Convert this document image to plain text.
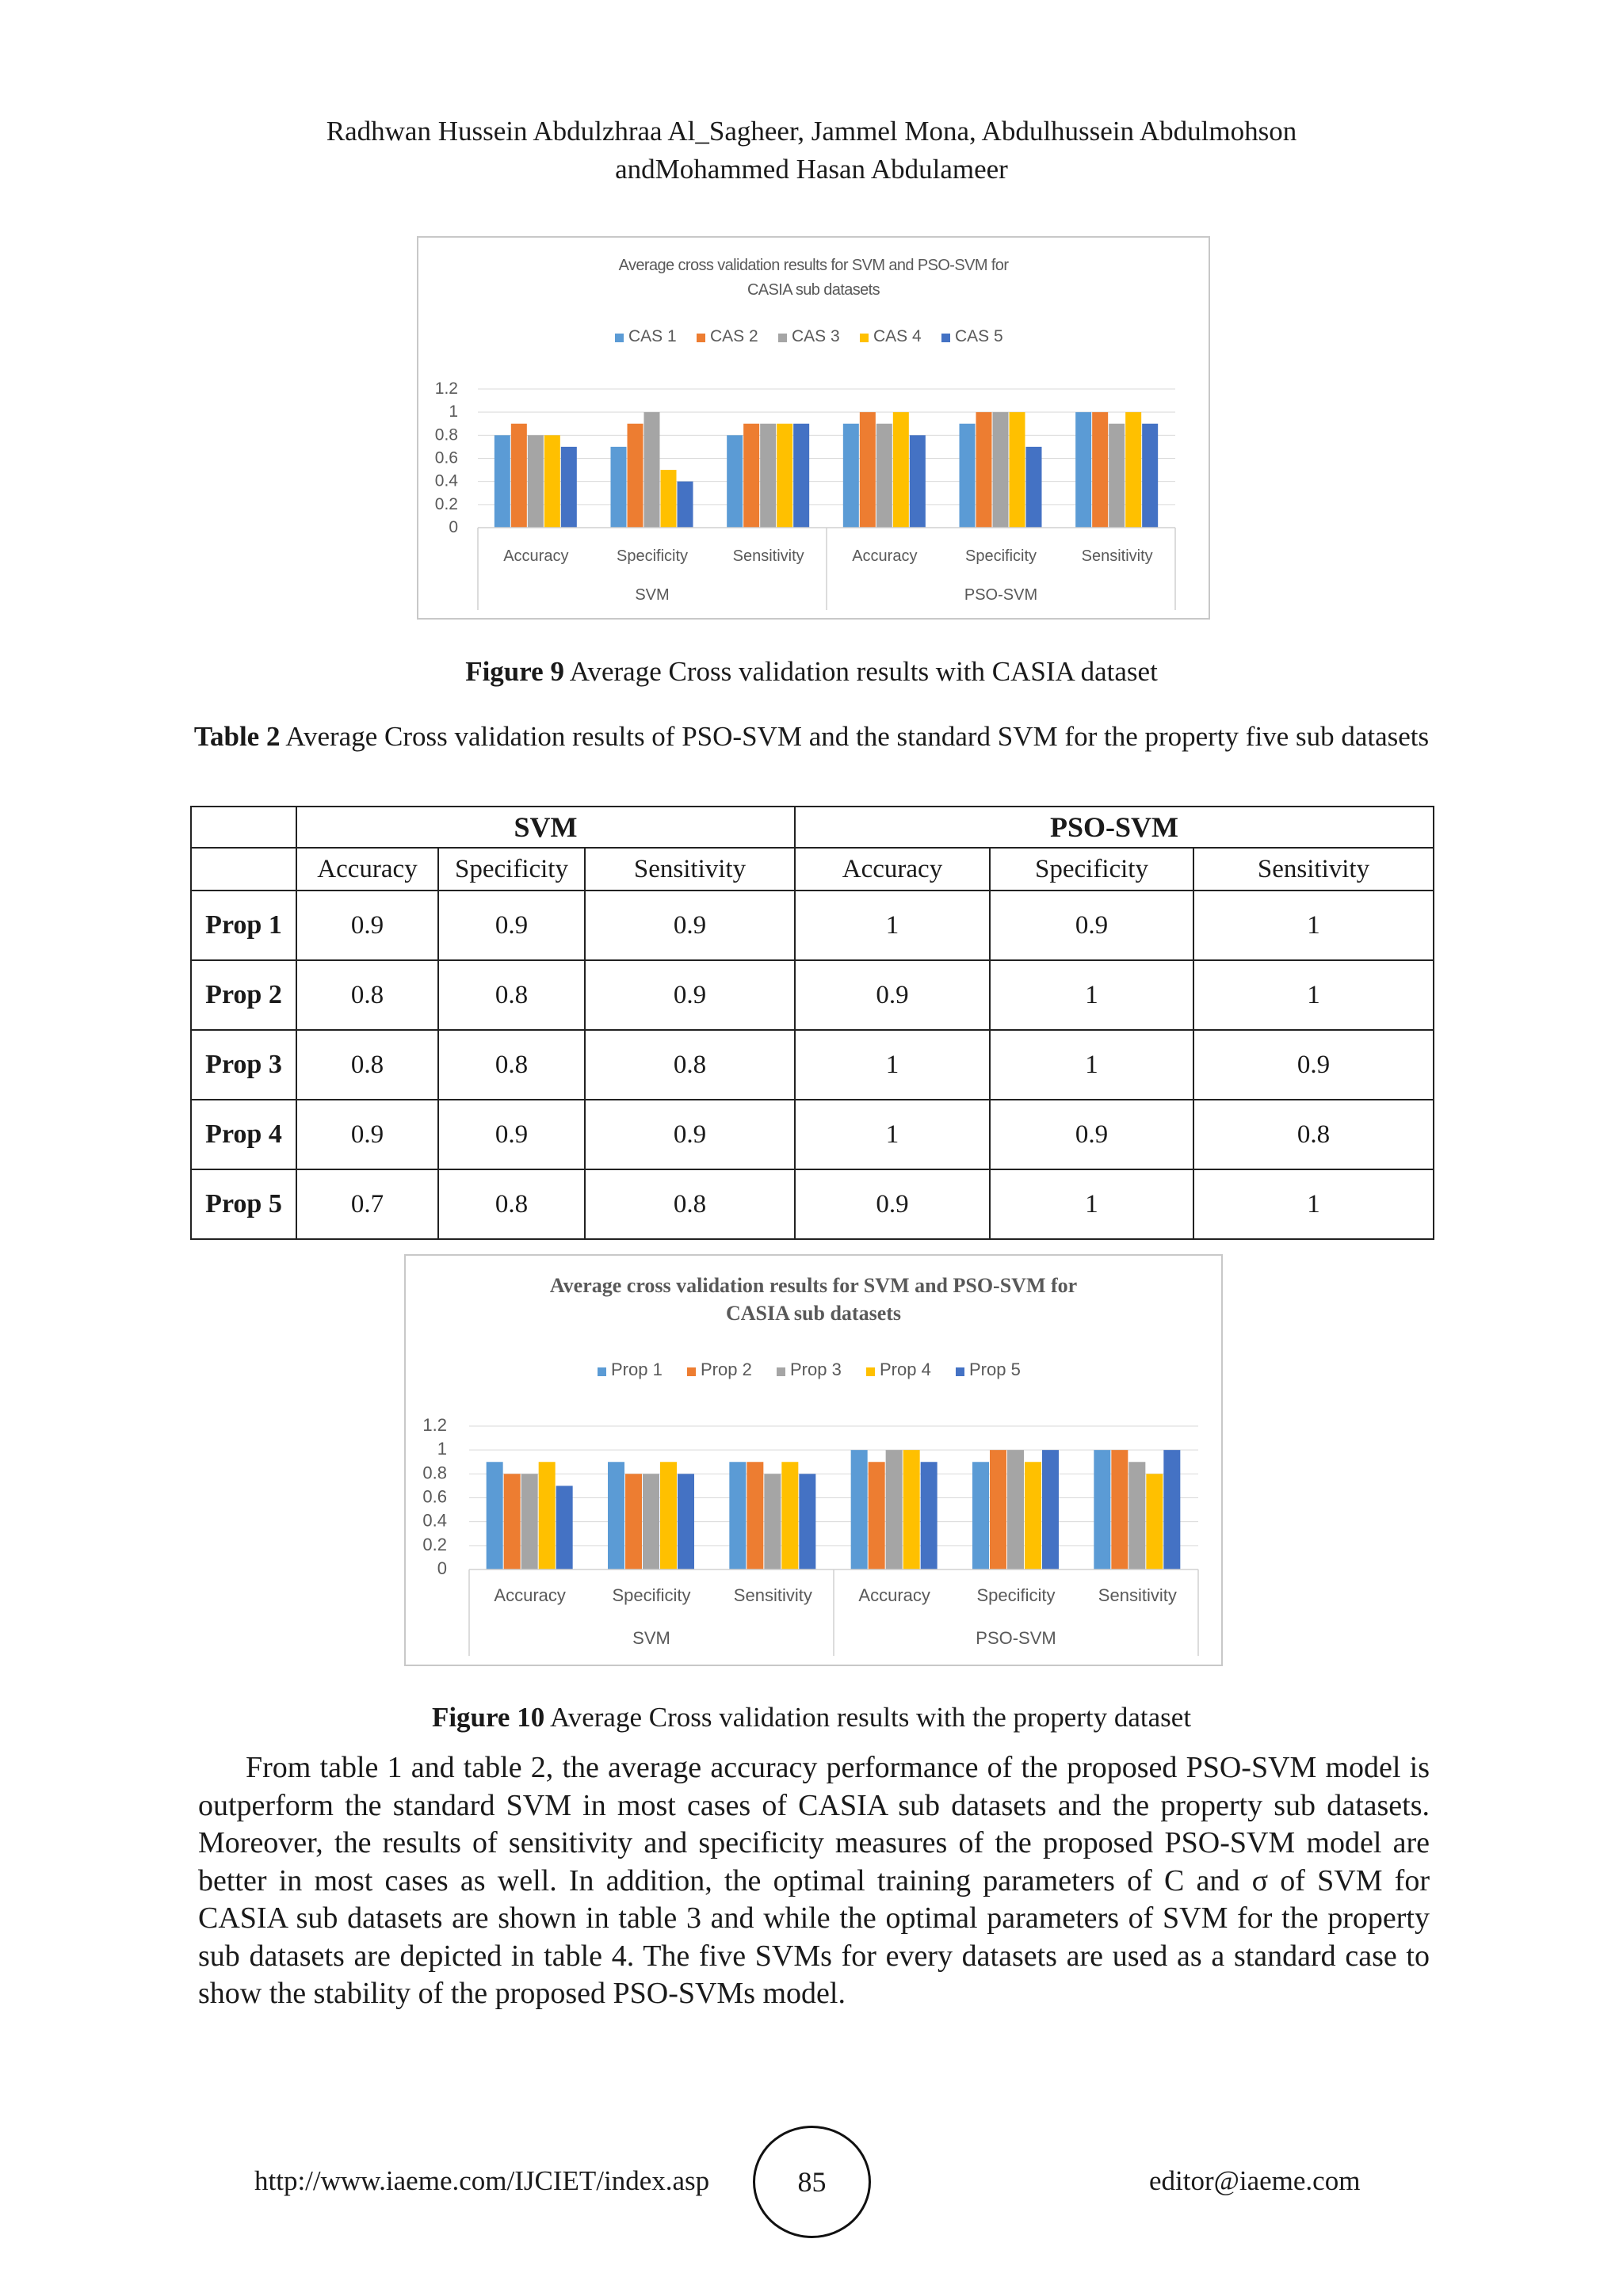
Radhwan Hussein Abdulzhraa Al_Sagheer, Jammel Mona, Abdulhussein Abdulmohson
andMohammed Hasan Abdulameer
Average cross validation results for SVM and PSO-SVM for
CASIA sub datasets
CAS 1 CAS 2 CAS 3 CAS 4 CAS 5
0
0.2
0.4
0.6
0.8
1
1.2
Accuracy	Specificity	Sensitivity	Accuracy	Specificity	Sensitivity
SVM	PSO-SVM
Figure 9 Average Cross validation results with CASIA dataset
Table 2 Average Cross validation results of PSO-SVM and the standard SVM for the property five sub datasets
	SVM			PSO-SVM		
	Accuracy	Specificity	Sensitivity	Accuracy	Specificity	Sensitivity
Prop 1	0.9	0.9	0.9	1	0.9	1
Prop 2	0.8	0.8	0.9	0.9	1	1
Prop 3	0.8	0.8	0.8	1	1	0.9
Prop 4	0.9	0.9	0.9	1	0.9	0.8
Prop 5	0.7	0.8	0.8	0.9	1	1
Average cross validation results for SVM and PSO-SVM for
CASIA sub datasets
Prop 1 Prop 2 Prop 3 Prop 4 Prop 5
0
0.2
0.4
0.6
0.8
1
1.2
Accuracy	Specificity Sensitivity	Accuracy	Specificity Sensitivity
SVM	PSO-SVM
Figure 10 Average Cross validation results with the property dataset
From table 1 and table 2, the average accuracy performance of the proposed PSO-SVM model is outperform the standard SVM in most cases of CASIA sub datasets and the property sub datasets. Moreover, the results of sensitivity and specificity measures of the proposed PSO-SVM model are better in most cases as well. In addition, the optimal training parameters of C and σ of SVM for CASIA sub datasets are shown in table 3 and while the optimal parameters of SVM for the property sub datasets are depicted in table 4. The five SVMs for every datasets are used as a standard case to show the stability of the proposed PSO-SVMs model.
http://www.iaeme.com/IJCIET/index.asp	85	editor@iaeme.com
